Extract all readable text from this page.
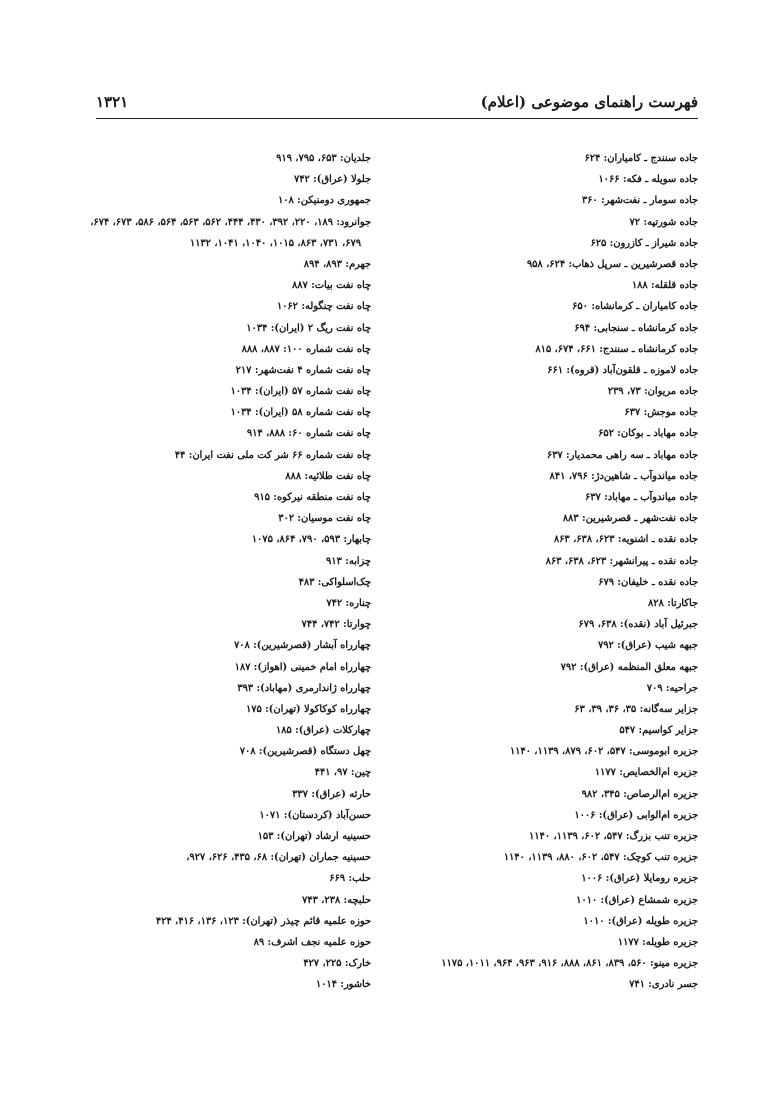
فهرست راهنمای موضوعی (اعلام)
۱۳۲۱
جاده سنندج ـ کامیاران: ۶۲۴
جاده سویله ـ فکه: ۱۰۶۶
جاده سومار ـ نفت‌شهر: ۳۶۰
جاده شورتپه: ۷۲
جاده شیراز ـ کازرون: ۶۲۵
جاده قصرشیرین ـ سرپل ذهاب: ۶۲۴، ۹۵۸
جاده قلقله: ۱۸۸
جاده کامیاران ـ کرمانشاه: ۶۵۰
جاده کرمانشاه ـ سنجابی: ۶۹۴
جاده کرمانشاه ـ سنندج: ۶۶۱، ۶۷۴، ۸۱۵
جاده لاموزه ـ قلقون‌آباد (قروه): ۶۶۱
جاده مریوان: ۷۳، ۲۳۹
جاده موجش: ۶۳۷
جاده مهاباد ـ بوکان: ۶۵۲
جاده مهاباد ـ سه راهی محمدیار: ۶۳۷
جاده میاندوآب ـ شاهین‌دژ: ۷۹۶، ۸۴۱
جاده میاندوآب ـ مهاباد: ۶۳۷
جاده نفت‌شهر ـ قصرشیرین: ۸۸۳
جاده نقده ـ اشنویه: ۶۲۳، ۶۳۸، ۸۶۳
جاده نقده ـ پیرانشهر: ۶۲۳، ۶۳۸، ۸۶۳
جاده نقده ـ خلیفان: ۶۷۹
جاکارتا: ۸۲۸
جبرئیل آباد (نقده): ۶۳۸، ۶۷۹
جبهه شیب (عراق): ۷۹۲
جبهه معلق المنظمه (عراق): ۷۹۲
جراحیه: ۷۰۹
جزایر سه‌گانه: ۳۵، ۳۶، ۳۹، ۶۳
جزایر کواسیم: ۵۴۷
جزیره ابوموسی: ۵۴۷، ۶۰۲، ۸۷۹، ۱۱۳۹، ۱۱۴۰
جزیره ام‌الخصایص: ۱۱۷۷
جزیره ام‌الرصاص: ۳۴۵، ۹۸۲
جزیره ام‌الوابی (عراق): ۱۰۰۶
جزیره تنب بزرگ: ۵۴۷، ۶۰۲، ۱۱۳۹، ۱۱۴۰
جزیره تنب کوچک: ۵۴۷، ۶۰۲، ۸۸۰، ۱۱۳۹، ۱۱۴۰
جزیره رومایلا (عراق): ۱۰۰۶
جزیره شمشاع (عراق): ۱۰۱۰
جزیره طویله (عراق): ۱۰۱۰
جزیره طویله: ۱۱۷۷
جزیره مینو: ۵۶۰، ۸۳۹، ۸۶۱، ۸۸۸، ۹۱۶، ۹۶۳، ۹۶۴، ۱۰۱۱، ۱۱۷۵
جسر نادری: ۷۴۱
جلدیان: ۶۵۳، ۷۹۵، ۹۱۹
جلولا (عراق): ۷۴۲
جمهوری دومنیکن: ۱۰۸
جوانرود: ۱۸۹، ۲۲۰، ۳۹۲، ۴۳۰، ۴۴۴، ۵۶۲، ۵۶۳، ۵۶۴، ۵۸۶، ۶۷۳، ۶۷۴،
۶۷۹، ۷۳۱، ۸۶۳، ۱۰۱۵، ۱۰۴۰، ۱۰۴۱، ۱۱۳۲
جهرم: ۸۹۳، ۸۹۴
چاه نفت بیات: ۸۸۷
چاه نفت چنگوله: ۱۰۶۲
چاه نفت ریگ ۲ (ایران): ۱۰۳۴
چاه نفت شماره ۱۰۰: ۸۸۷، ۸۸۸
چاه نفت شماره ۴ نفت‌شهر: ۲۱۷
چاه نفت شماره ۵۷ (ایران): ۱۰۳۴
چاه نفت شماره ۵۸ (ایران): ۱۰۳۴
چاه نفت شماره ۶۰: ۸۸۸، ۹۱۴
چاه نفت شماره ۶۶ شر کت ملی نفت ایران: ۴۴
چاه نفت طلائیه: ۸۸۸
چاه نفت منطقه نیرکوه: ۹۱۵
چاه نفت موسیان: ۳۰۲
چابهار: ۵۹۳، ۷۹۰، ۸۶۴، ۱۰۷۵
چزابه: ۹۱۳
چک‌اسلواکی: ۴۸۳
چناره: ۷۴۲
چوارتا: ۷۴۲، ۷۴۴
چهارراه آبشار (قصرشیرین): ۷۰۸
چهارراه امام خمینی (اهواز): ۱۸۷
چهارراه ژاندارمری (مهاباد): ۳۹۳
چهارراه کوکاکولا (تهران): ۱۷۵
چهارکلات (عراق): ۱۸۵
چهل دستگاه (قصرشیرین): ۷۰۸
چین: ۹۷، ۴۴۱
حارثه (عراق): ۳۳۷
حسن‌آباد (کردستان): ۱۰۷۱
حسینیه ارشاد (تهران): ۱۵۳
حسینیه جماران (تهران): ۶۸، ۴۳۵، ۶۲۶، ۹۲۷،
حلب: ۶۶۹
حلبچه: ۲۳۸، ۷۴۳
حوزه علمیه قائم چیذر (تهران): ۱۲۳، ۱۳۶، ۴۱۶، ۴۲۴
حوزه علمیه نجف اشرف: ۸۹
خارک: ۲۲۵، ۴۲۷
خاشور: ۱۰۱۴
